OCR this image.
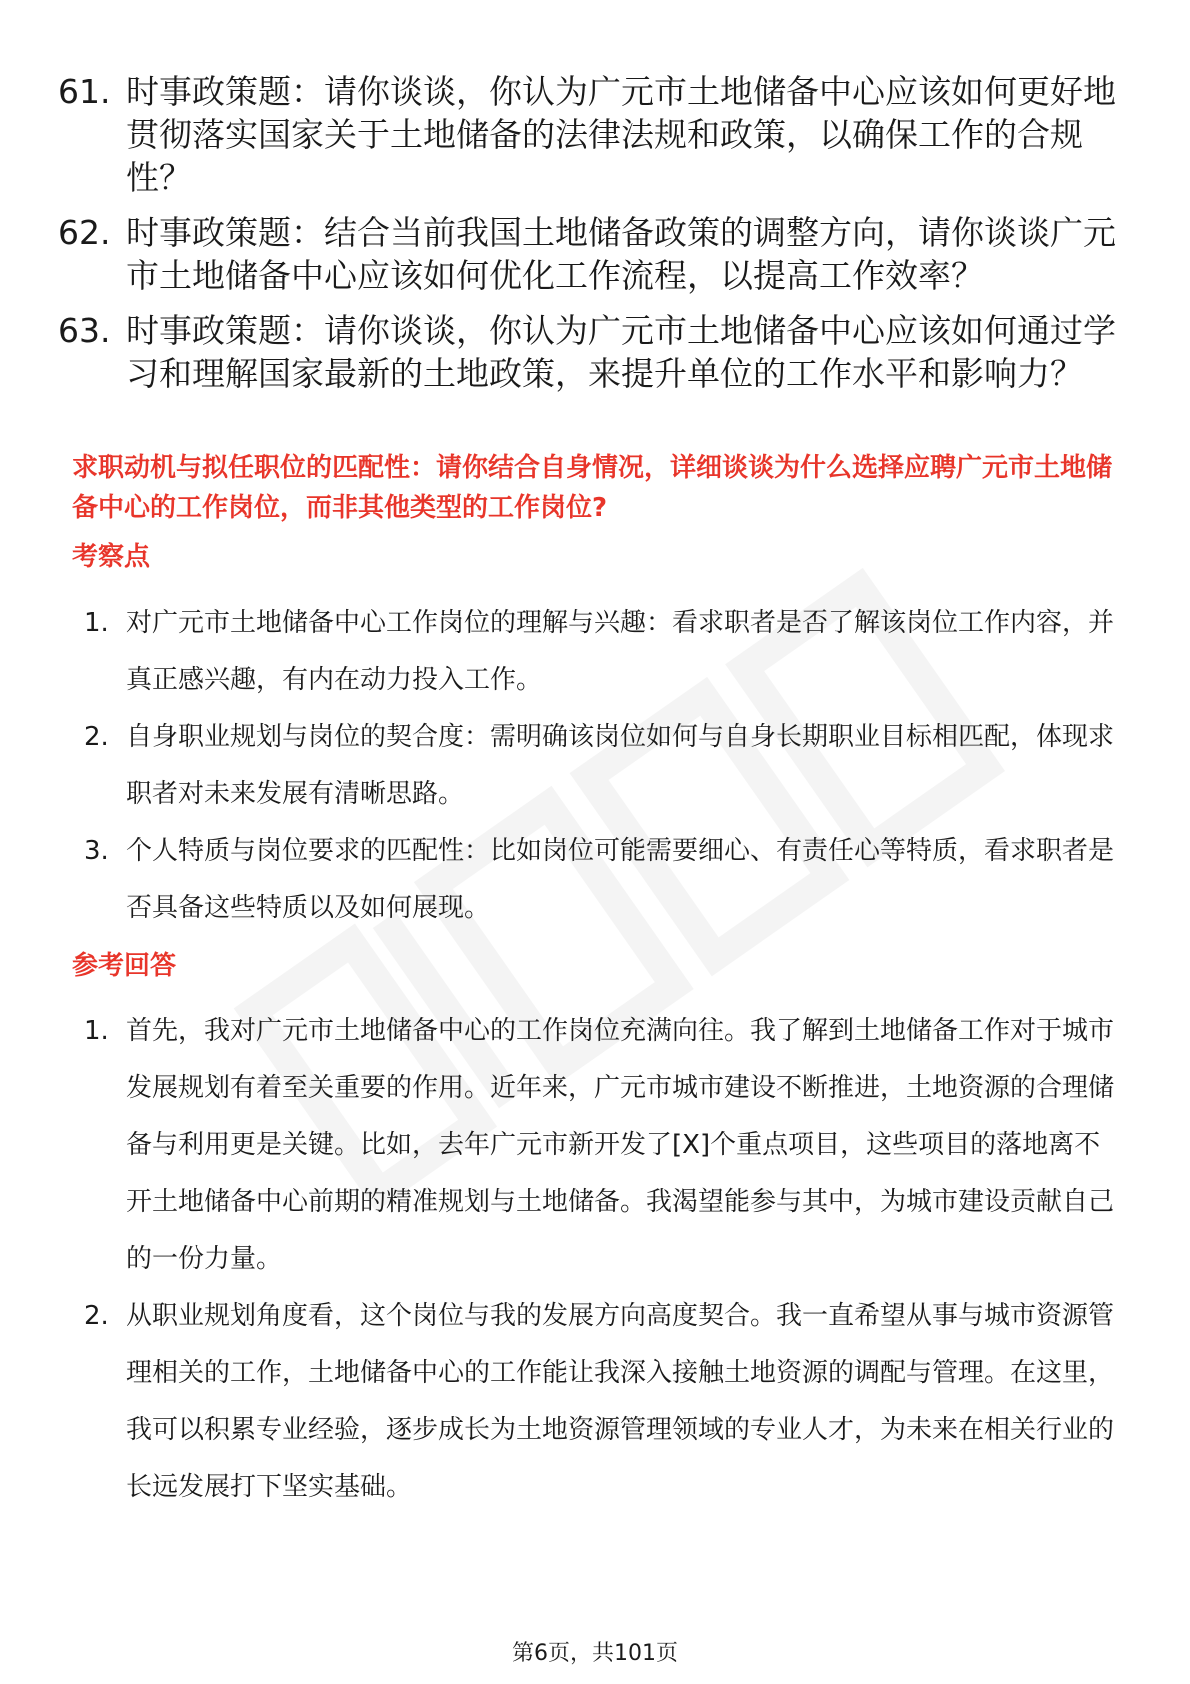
61. 时事政策题：请你谈谈，你认为广元市土地储备中心应该如何更好地贯彻落实国家关于土地储备的法律法规和政策，以确保工作的合规性？
62. 时事政策题：结合当前我国土地储备政策的调整方向，请你谈谈广元市土地储备中心应该如何优化工作流程，以提高工作效率？
63. 时事政策题：请你谈谈，你认为广元市土地储备中心应该如何通过学习和理解国家最新的土地政策，来提升单位的工作水平和影响力？
求职动机与拟任职位的匹配性：请你结合自身情况，详细谈谈为什么选择应聘广元市土地储备中心的工作岗位，而非其他类型的工作岗位?
考察点
1. 对广元市土地储备中心工作岗位的理解与兴趣：看求职者是否了解该岗位工作内容，并真正感兴趣，有内在动力投入工作。
2. 自身职业规划与岗位的契合度：需明确该岗位如何与自身长期职业目标相匹配，体现求职者对未来发展有清晰思路。
3. 个人特质与岗位要求的匹配性：比如岗位可能需要细心、有责任心等特质，看求职者是否具备这些特质以及如何展现。
参考回答
1. 首先，我对广元市土地储备中心的工作岗位充满向往。我了解到土地储备工作对于城市发展规划有着至关重要的作用。近年来，广元市城市建设不断推进，土地资源的合理储备与利用更是关键。比如，去年广元市新开发了[X]个重点项目，这些项目的落地离不开土地储备中心前期的精准规划与土地储备。我渴望能参与其中，为城市建设贡献自己的一份力量。
2. 从职业规划角度看，这个岗位与我的发展方向高度契合。我一直希望从事与城市资源管理相关的工作，土地储备中心的工作能让我深入接触土地资源的调配与管理。在这里，我可以积累专业经验，逐步成长为土地资源管理领域的专业人才，为未来在相关行业的长远发展打下坚实基础。
第6页，共101页
